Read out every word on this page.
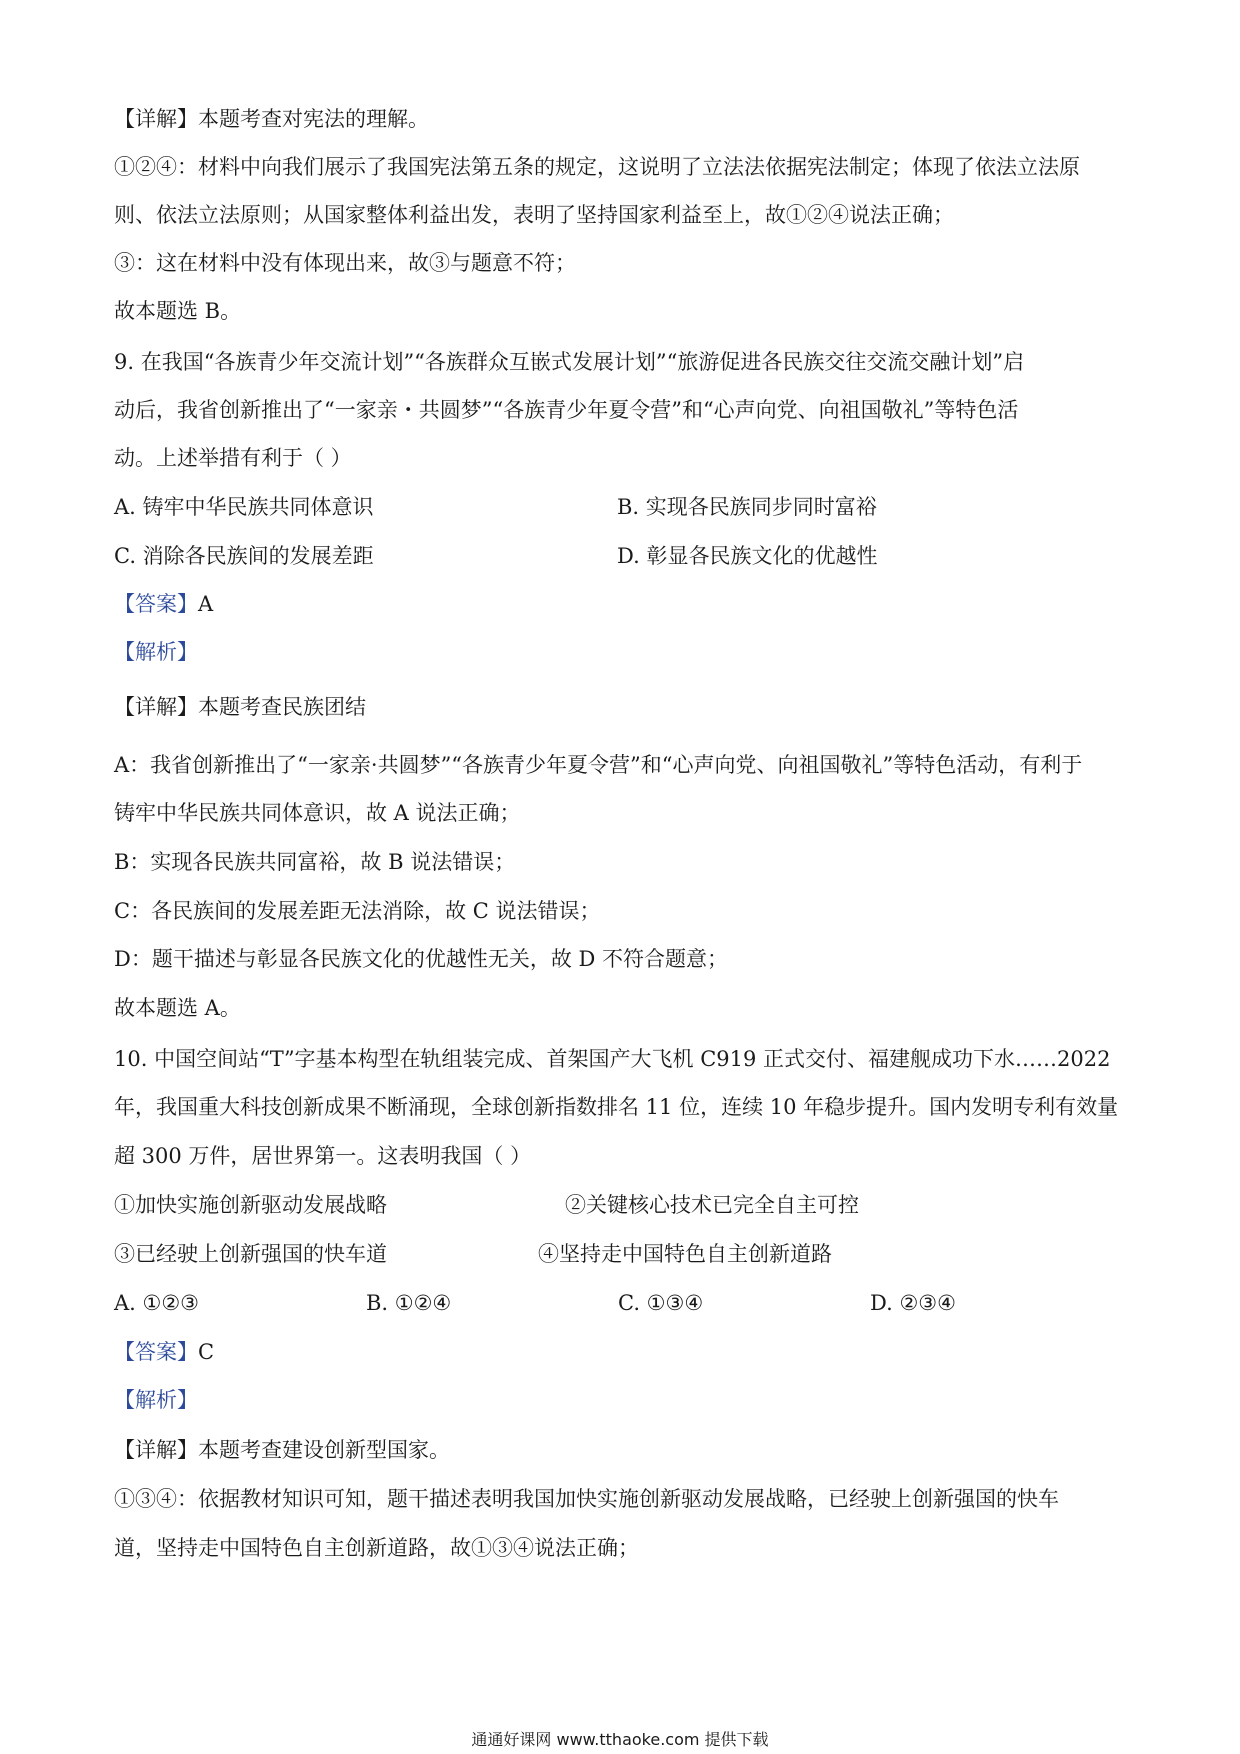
【详解】本题考查对宪法的理解。
①②④：材料中向我们展示了我国宪法第五条的规定，这说明了立法法依据宪法制定；体现了依法立法原
则、依法立法原则；从国家整体利益出发，表明了坚持国家利益至上，故①②④说法正确；
③：这在材料中没有体现出来，故③与题意不符；
故本题选 B。
9. 在我国“各族青少年交流计划”“各族群众互嵌式发展计划”“旅游促进各民族交往交流交融计划”启
动后，我省创新推出了“一家亲・共圆梦”“各族青少年夏令营”和“心声向党、向祖国敬礼”等特色活
动。上述举措有利于（ ）
A. 铸牢中华民族共同体意识	B. 实现各民族同步同时富裕
C. 消除各民族间的发展差距	D. 彰显各民族文化的优越性
【答案】A
【解析】
【详解】本题考查民族团结
A：我省创新推出了“一家亲·共圆梦”“各族青少年夏令营”和“心声向党、向祖国敬礼”等特色活动，有利于
铸牢中华民族共同体意识，故 A 说法正确；
B：实现各民族共同富裕，故 B 说法错误；
C：各民族间的发展差距无法消除，故 C 说法错误；
D：题干描述与彰显各民族文化的优越性无关，故 D 不符合题意；
故本题选 A。
10. 中国空间站“T”字基本构型在轨组装完成、首架国产大飞机 C919 正式交付、福建舰成功下水……2022
年，我国重大科技创新成果不断涌现，全球创新指数排名 11 位，连续 10 年稳步提升。国内发明专利有效量
超 300 万件，居世界第一。这表明我国（ ）
①加快实施创新驱动发展战略	②关键核心技术已完全自主可控
③已经驶上创新强国的快车道	④坚持走中国特色自主创新道路
A. ①②③	B. ①②④	C. ①③④	D. ②③④
【答案】C
【解析】
【详解】本题考查建设创新型国家。
①③④：依据教材知识可知，题干描述表明我国加快实施创新驱动发展战略，已经驶上创新强国的快车
道，坚持走中国特色自主创新道路，故①③④说法正确；
通通好课网 www.tthaoke.com 提供下载
